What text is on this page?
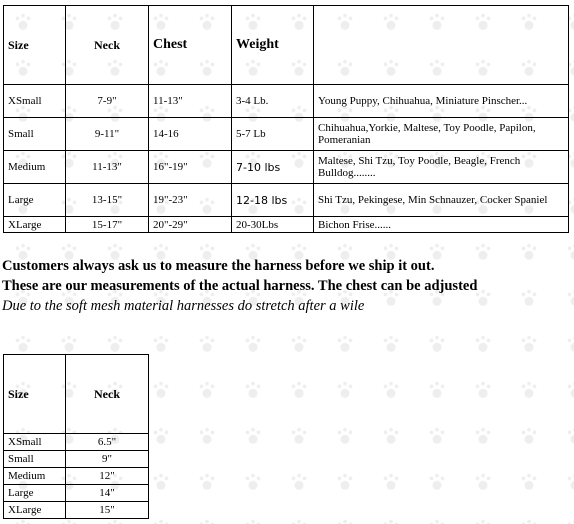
Size	Neck	Chest	Weight	
XSmall	7-9"	11-13"	3-4 Lb.	Young Puppy, Chihuahua, Miniature Pinscher...
Small	9-11"	14-16	5-7 Lb	Chihuahua,Yorkie, Maltese, Toy Poodle, Papilon, Pomeranian
Medium	11-13"	16"-19"	7-10 lbs	Maltese, Shi Tzu, Toy Poodle, Beagle, French Bulldog........
Large	13-15"	19"-23"	12-18 lbs	Shi Tzu, Pekingese, Min Schnauzer, Cocker Spaniel
XLarge	15-17"	20"-29"	20-30Lbs	Bichon Frise......

Customers always ask us to measure the harness before we ship it out.

These are our measurements of the actual harness. The chest can be adjusted

Due to the soft mesh material harnesses do stretch after a wile

Size	Neck
XSmall	6.5"
Small	9"
Medium	12"
Large	14"
XLarge	15"
